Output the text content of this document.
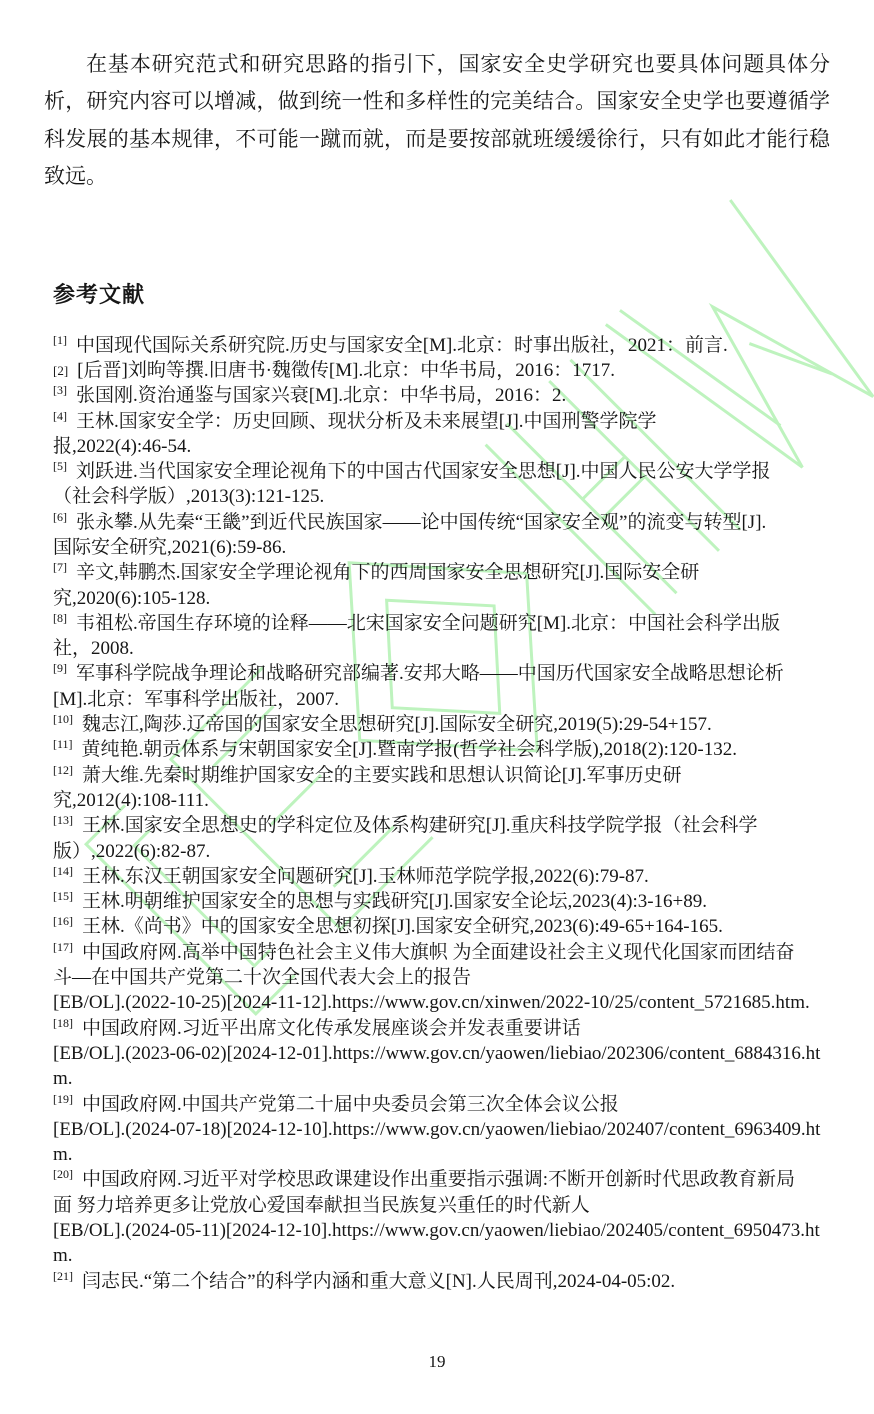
在基本研究范式和研究思路的指引下，国家安全史学研究也要具体问题具体分析，研究内容可以增减，做到统一性和多样性的完美结合。国家安全史学也要遵循学科发展的基本规律，不可能一蹴而就，而是要按部就班缓缓徐行，只有如此才能行稳致远。

参考文献
[1] 中国现代国际关系研究院.历史与国家安全[M].北京：时事出版社，2021：前言.
[2] [后晋]刘昫等撰.旧唐书·魏徵传[M].北京：中华书局，2016：1717.
[3] 张国刚.资治通鉴与国家兴衰[M].北京：中华书局，2016：2.
[4] 王林.国家安全学：历史回顾、现状分析及未来展望[J].中国刑警学院学
报,2022(4):46-54.
[5] 刘跃进.当代国家安全理论视角下的中国古代国家安全思想[J].中国人民公安大学学报
（社会科学版）,2013(3):121-125.
[6] 张永攀.从先秦“王畿”到近代民族国家——论中国传统“国家安全观”的流变与转型[J].
国际安全研究,2021(6):59-86.
[7] 辛文,韩鹏杰.国家安全学理论视角下的西周国家安全思想研究[J].国际安全研
究,2020(6):105-128.
[8] 韦祖松.帝国生存环境的诠释——北宋国家安全问题研究[M].北京：中国社会科学出版
社，2008.
[9] 军事科学院战争理论和战略研究部编著.安邦大略——中国历代国家安全战略思想论析
[M].北京：军事科学出版社，2007.
[10] 魏志江,陶莎.辽帝国的国家安全思想研究[J].国际安全研究,2019(5):29-54+157.
[11] 黄纯艳.朝贡体系与宋朝国家安全[J].暨南学报(哲学社会科学版),2018(2):120-132.
[12] 萧大维.先秦时期维护国家安全的主要实践和思想认识简论[J].军事历史研
究,2012(4):108-111.
[13] 王林.国家安全思想史的学科定位及体系构建研究[J].重庆科技学院学报（社会科学
版）,2022(6):82-87.
[14] 王林.东汉王朝国家安全问题研究[J].玉林师范学院学报,2022(6):79-87.
[15] 王林.明朝维护国家安全的思想与实践研究[J].国家安全论坛,2023(4):3-16+89.
[16] 王林.《尚书》中的国家安全思想初探[J].国家安全研究,2023(6):49-65+164-165.
[17] 中国政府网.高举中国特色社会主义伟大旗帜 为全面建设社会主义现代化国家而团结奋
斗—在中国共产党第二十次全国代表大会上的报告
[EB/OL].(2022-10-25)[2024-11-12].https://www.gov.cn/xinwen/2022-10/25/content_5721685.htm.
[18] 中国政府网.习近平出席文化传承发展座谈会并发表重要讲话
[EB/OL].(2023-06-02)[2024-12-01].https://www.gov.cn/yaowen/liebiao/202306/content_6884316.htm.
[19] 中国政府网.中国共产党第二十届中央委员会第三次全体会议公报
[EB/OL].(2024-07-18)[2024-12-10].https://www.gov.cn/yaowen/liebiao/202407/content_6963409.htm.
[20] 中国政府网.习近平对学校思政课建设作出重要指示强调:不断开创新时代思政教育新局
面 努力培养更多让党放心爱国奉献担当民族复兴重任的时代新人
[EB/OL].(2024-05-11)[2024-12-10].https://www.gov.cn/yaowen/liebiao/202405/content_6950473.htm.
[21] 闫志民.“第二个结合”的科学内涵和重大意义[N].人民周刊,2024-04-05:02.
19
